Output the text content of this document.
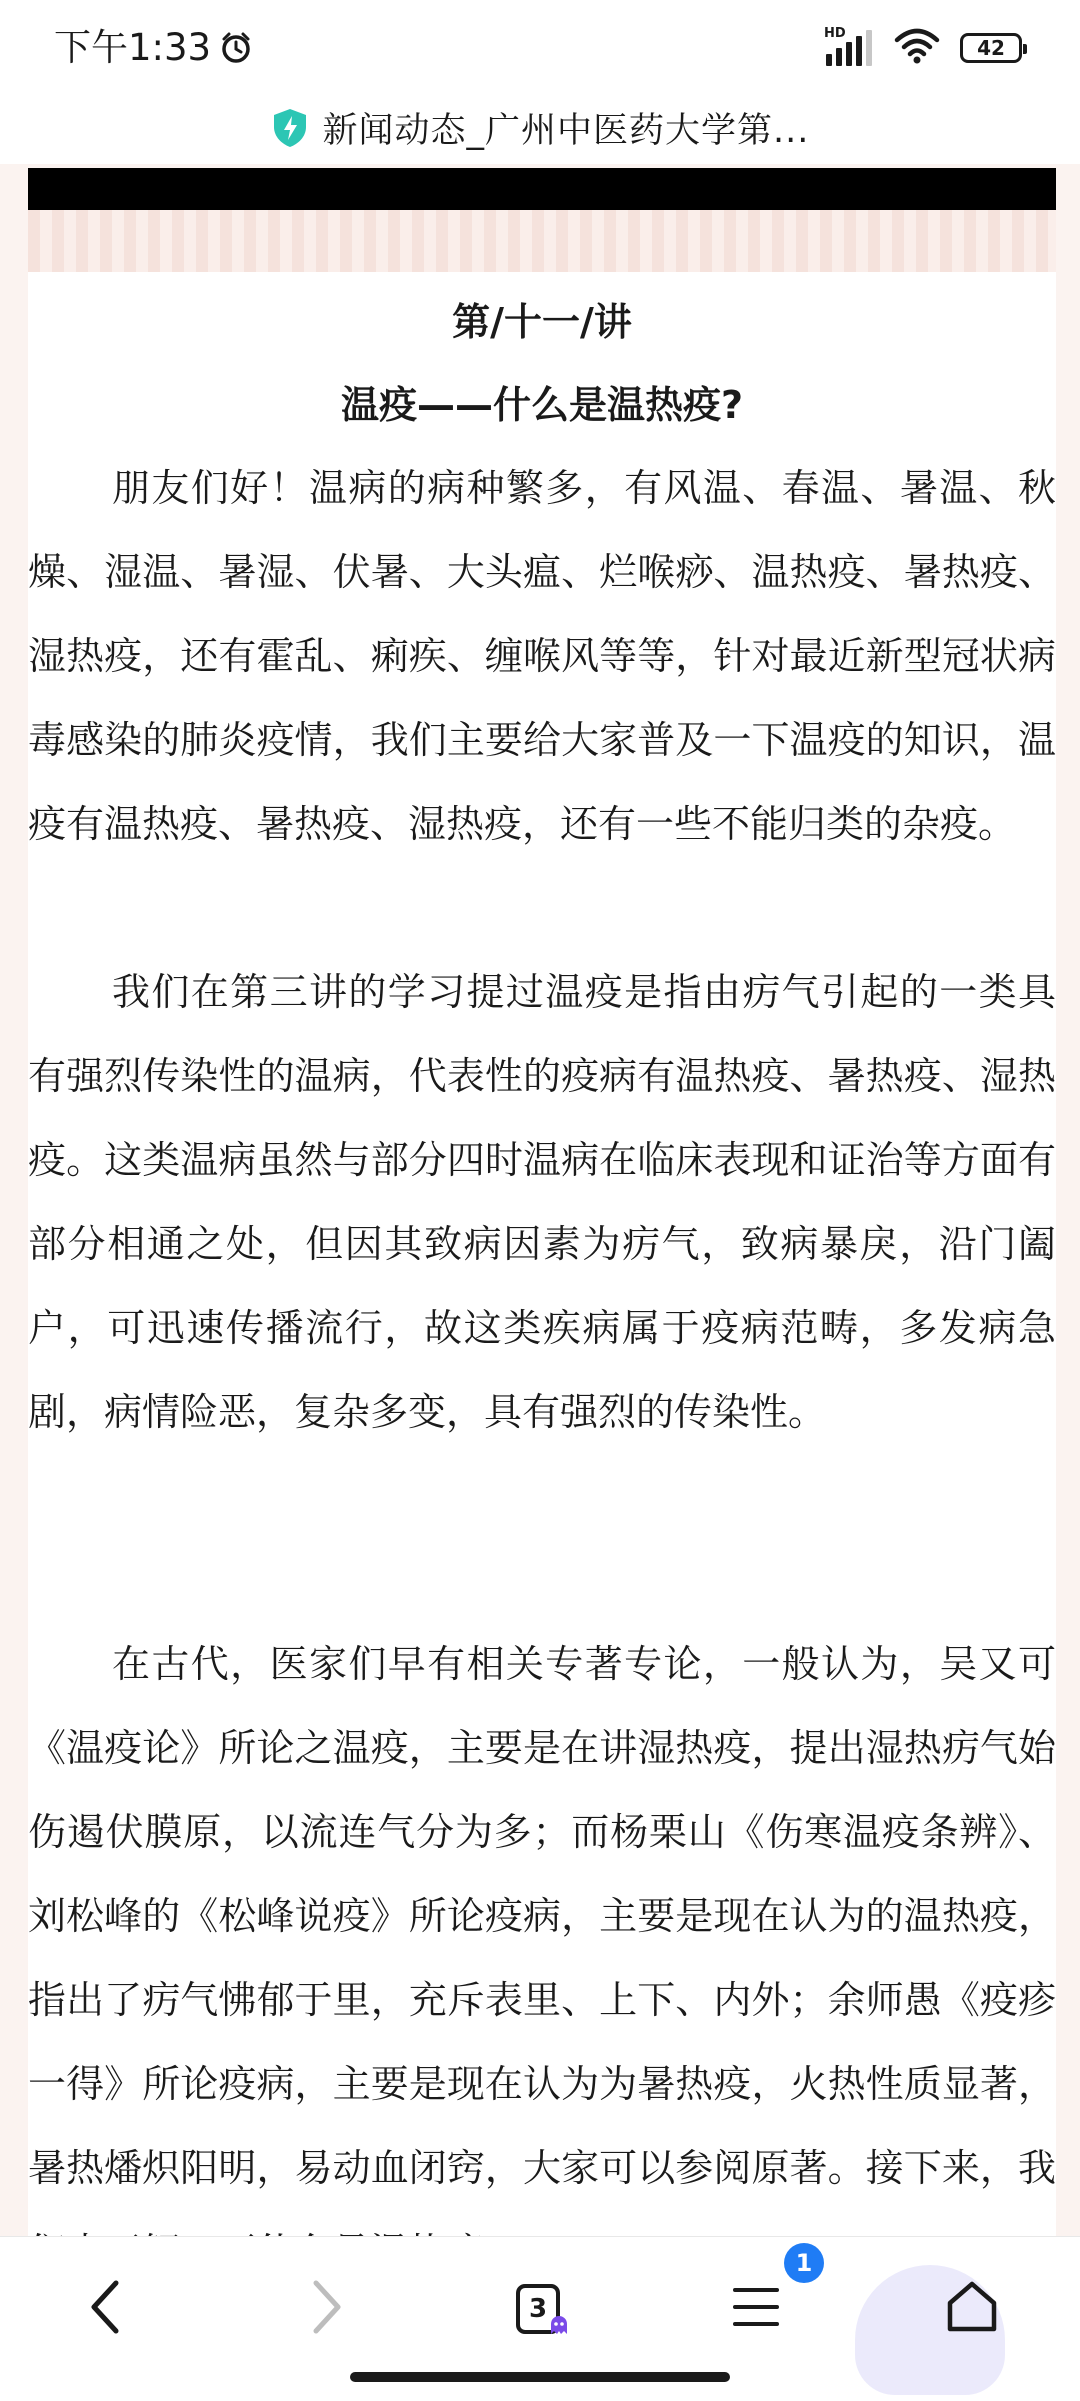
下午1:33	HD
42
新闻动态_广州中医药大学第...
第/十一/讲
温疫——什么是温热疫?

朋友们好！温病的病种繁多，有风温、春温、暑温、秋燥、湿温、暑湿、伏暑、大头瘟、烂喉痧、温热疫、暑热疫、湿热疫，还有霍乱、痢疾、缠喉风等等，针对最近新型冠状病毒感染的肺炎疫情，我们主要给大家普及一下温疫的知识，温疫有温热疫、暑热疫、湿热疫，还有一些不能归类的杂疫。

我们在第三讲的学习提过温疫是指由疠气引起的一类具有强烈传染性的温病，代表性的疫病有温热疫、暑热疫、湿热疫。这类温病虽然与部分四时温病在临床表现和证治等方面有部分相通之处，但因其致病因素为疠气，致病暴戾，沿门阖户，可迅速传播流行，故这类疾病属于疫病范畴，多发病急剧，病情险恶，复杂多变，具有强烈的传染性。

在古代，医家们早有相关专著专论，一般认为，吴又可《温疫论》所论之温疫，主要是在讲湿热疫，提出湿热疠气始伤遏伏膜原，以流连气分为多；而杨栗山《伤寒温疫条辨》、刘松峰的《松峰说疫》所论疫病，主要是现在认为的温热疫，指出了疠气怫郁于里，充斥表里、上下、内外；余师愚《疫疹一得》所论疫病，主要是现在认为为暑热疫，火热性质显著，暑热燔炽阳明，易动血闭窍，大家可以参阅原著。接下来，我

3
1
